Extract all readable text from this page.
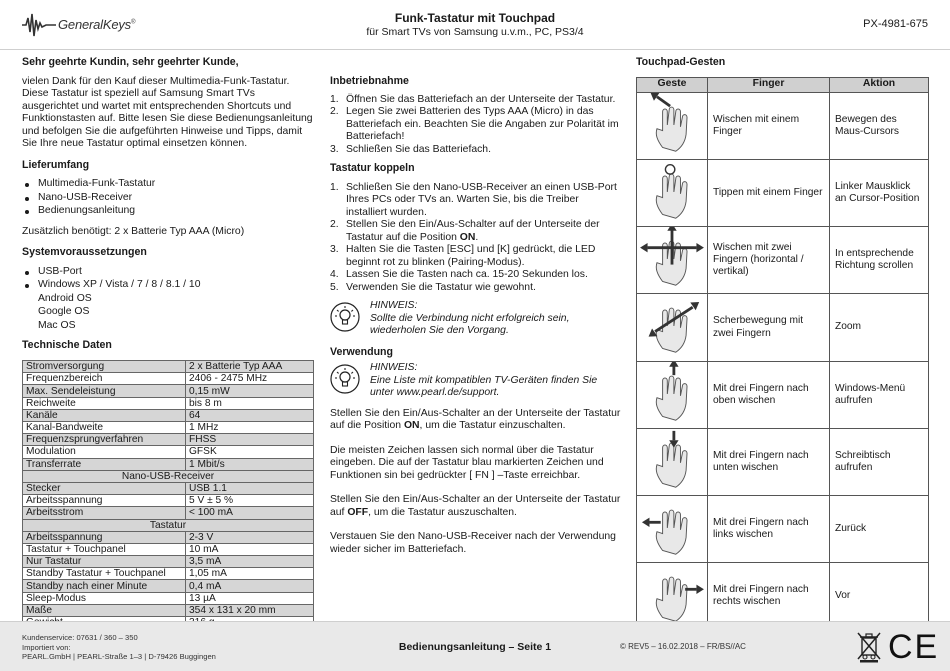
GeneralKeys®	Funk-Tastatur mit Touchpad
für Smart TVs von Samsung u.v.m., PC, PS3/4
PX-4981-675
Sehr geehrte Kundin, sehr geehrter Kunde,

vielen Dank für den Kauf dieser Multimedia-Funk-Tastatur. Diese Tastatur ist speziell auf Samsung Smart TVs ausgerichtet und wartet mit entsprechenden Shortcuts und Funktionstasten auf. Bitte lesen Sie diese Bedienungsanleitung und befolgen Sie die aufgeführten Hinweise und Tipps, damit Sie Ihre neue Tastatur optimal einsetzen können.

Lieferumfang
Multimedia-Funk-Tastatur
Nano-USB-Receiver
Bedienungsanleitung

Zusätzlich benötigt: 2 x Batterie Typ AAA (Micro)

Systemvoraussetzungen
USB-Port
Windows XP / Vista / 7 / 8 / 8.1 / 10
Android OS
Google OS
Mac OS
Technische Daten
Stromversorgung	2 x Batterie Typ AAA
Frequenzbereich	2406 - 2475 MHz
Max. Sendeleistung	0,15 mW
Reichweite	bis 8 m
Kanäle	64
Kanal-Bandweite	1 MHz
Frequenzsprungverfahren	FHSS
Modulation	GFSK
Transferrate	1 Mbit/s
Nano-USB-Receiver	
Stecker	USB 1.1
Arbeitsspannung	5 V ± 5 %
Arbeitsstrom	< 100 mA
Tastatur	
Arbeitsspannung	2-3 V
Tastatur + Touchpanel	10 mA
Nur Tastatur	3,5 mA
Standby Tastatur + Touchpanel	1,05 mA
Standby nach einer Minute	0,4 mA
Sleep-Modus	13 µA
Maße	354 x 131 x 20 mm

Inbetriebnahme
1. Öffnen Sie das Batteriefach an der Unterseite der Tastatur.
2. Legen Sie zwei Batterien des Typs AAA (Micro) in das Batteriefach ein. Beachten Sie die Angaben zur Polarität im Batteriefach!
3. Schließen Sie das Batteriefach.
Tastatur koppeln
1. Schließen Sie den Nano-USB-Receiver an einen USB-Port Ihres PCs oder TVs an. Warten Sie, bis die Treiber installiert wurden.
2. Stellen Sie den Ein/Aus-Schalter auf der Unterseite der Tastatur auf die Position ON.
3. Halten Sie die Tasten [ESC] und [K] gedrückt, die LED beginnt rot zu blinken (Pairing-Modus).
4. Lassen Sie die Tasten nach ca. 15-20 Sekunden los.
5. Verwenden Sie die Tastatur wie gewohnt.
HINWEIS:
Sollte die Verbindung nicht erfolgreich sein, wiederholen Sie den Vorgang.
Verwendung
HINWEIS:
Eine Liste mit kompatiblen TV-Geräten finden Sie unter www.pearl.de/support.

Stellen Sie den Ein/Aus-Schalter an der Unterseite der Tastatur auf die Position ON, um die Tastatur einzuschalten.

Die meisten Zeichen lassen sich normal über die Tastatur eingeben. Die auf der Tastatur blau markierten Zeichen und Funktionen sin bei gedrückter [ FN ] –Taste erreichbar.

Stellen Sie den Ein/Aus-Schalter an der Unterseite der Tastatur auf OFF, um die Tastatur auszuschalten.

Verstauen Sie den Nano-USB-Receiver nach der Verwendung wieder sicher im Batteriefach.

Touchpad-Gesten
Geste	Finger	Aktion
	Wischen mit einem Finger	Bewegen des Maus-Cursors
	Tippen mit einem Finger	Linker Mausklick an Cursor-Position
	Wischen mit zwei Fingern (horizontal / vertikal)	In entsprechende Richtung scrollen
	Scherbewegung mit zwei Fingern	Zoom
	Mit drei Fingern nach oben wischen	Windows-Menü aufrufen
	Mit drei Fingern nach unten wischen	Schreibtisch aufrufen
	Mit drei Fingern nach links wischen	Zurück
	Mit drei Fingern nach rechts wischen	Vor
Kundenservice: 07631 / 360 – 350
Importiert von:
PEARL.GmbH | PEARL-Straße 1–3 | D-79426 Buggingen
Bedienungsanleitung – Seite 1	© REV5 – 16.02.2018 – FR/BS//AC	CE
